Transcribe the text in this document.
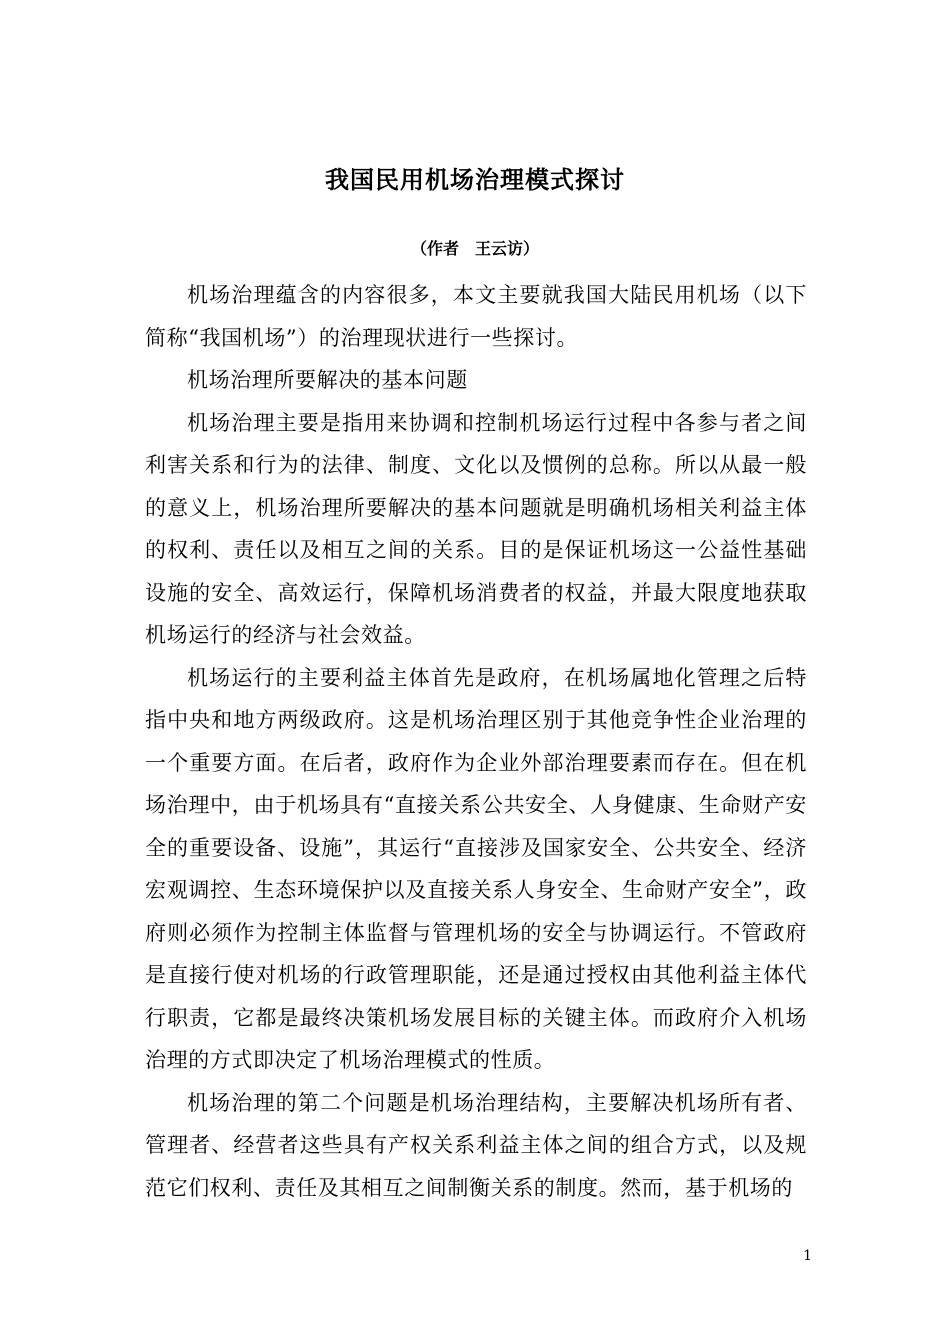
我国民用机场治理模式探讨
（作者　王云访）

机场治理蕴含的内容很多，本文主要就我国大陆民用机场（以下简称“我国机场”）的治理现状进行一些探讨。

机场治理所要解决的基本问题

机场治理主要是指用来协调和控制机场运行过程中各参与者之间利害关系和行为的法律、制度、文化以及惯例的总称。所以从最一般的意义上，机场治理所要解决的基本问题就是明确机场相关利益主体的权利、责任以及相互之间的关系。目的是保证机场这一公益性基础设施的安全、高效运行，保障机场消费者的权益，并最大限度地获取机场运行的经济与社会效益。

机场运行的主要利益主体首先是政府，在机场属地化管理之后特指中央和地方两级政府。这是机场治理区别于其他竞争性企业治理的一个重要方面。在后者，政府作为企业外部治理要素而存在。但在机场治理中，由于机场具有“直接关系公共安全、人身健康、生命财产安全的重要设备、设施”，其运行“直接涉及国家安全、公共安全、经济宏观调控、生态环境保护以及直接关系人身安全、生命财产安全”，政府则必须作为控制主体监督与管理机场的安全与协调运行。不管政府是直接行使对机场的行政管理职能，还是通过授权由其他利益主体代行职责，它都是最终决策机场发展目标的关键主体。而政府介入机场治理的方式即决定了机场治理模式的性质。

机场治理的第二个问题是机场治理结构，主要解决机场所有者、管理者、经营者这些具有产权关系利益主体之间的组合方式，以及规范它们权利、责任及其相互之间制衡关系的制度。然而，基于机场的

1
